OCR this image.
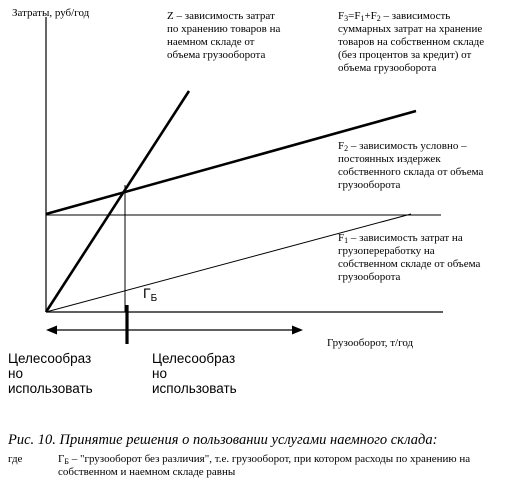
Затраты, руб/год
Грузооборот, т/год
Z – зависимость затрат
по хранению товаров на
наемном складе от
объема грузооборота
$F_3=F_1+F_2$ – зависимость
суммарных затрат на хранение
товаров на собственном складе
(без процентов за кредит) от
объема грузооборота
$F_2$ – зависимость условно –
постоянных издержек
собственного склада от объема
грузооборота
$F_1$ – зависимость затрат на
грузопереработку на
собственном складе от объема
грузооборота
$Г_Б$
Целесообраз
но
использовать
Целесообраз
но
использовать
Рис. 10. Принятие решения о пользовании услугами наемного склада:
где	$Г_Б$ – "грузооборот без различия", т.е. грузооборот, при котором расходы по хранению на
собственном и наемном складе равны
